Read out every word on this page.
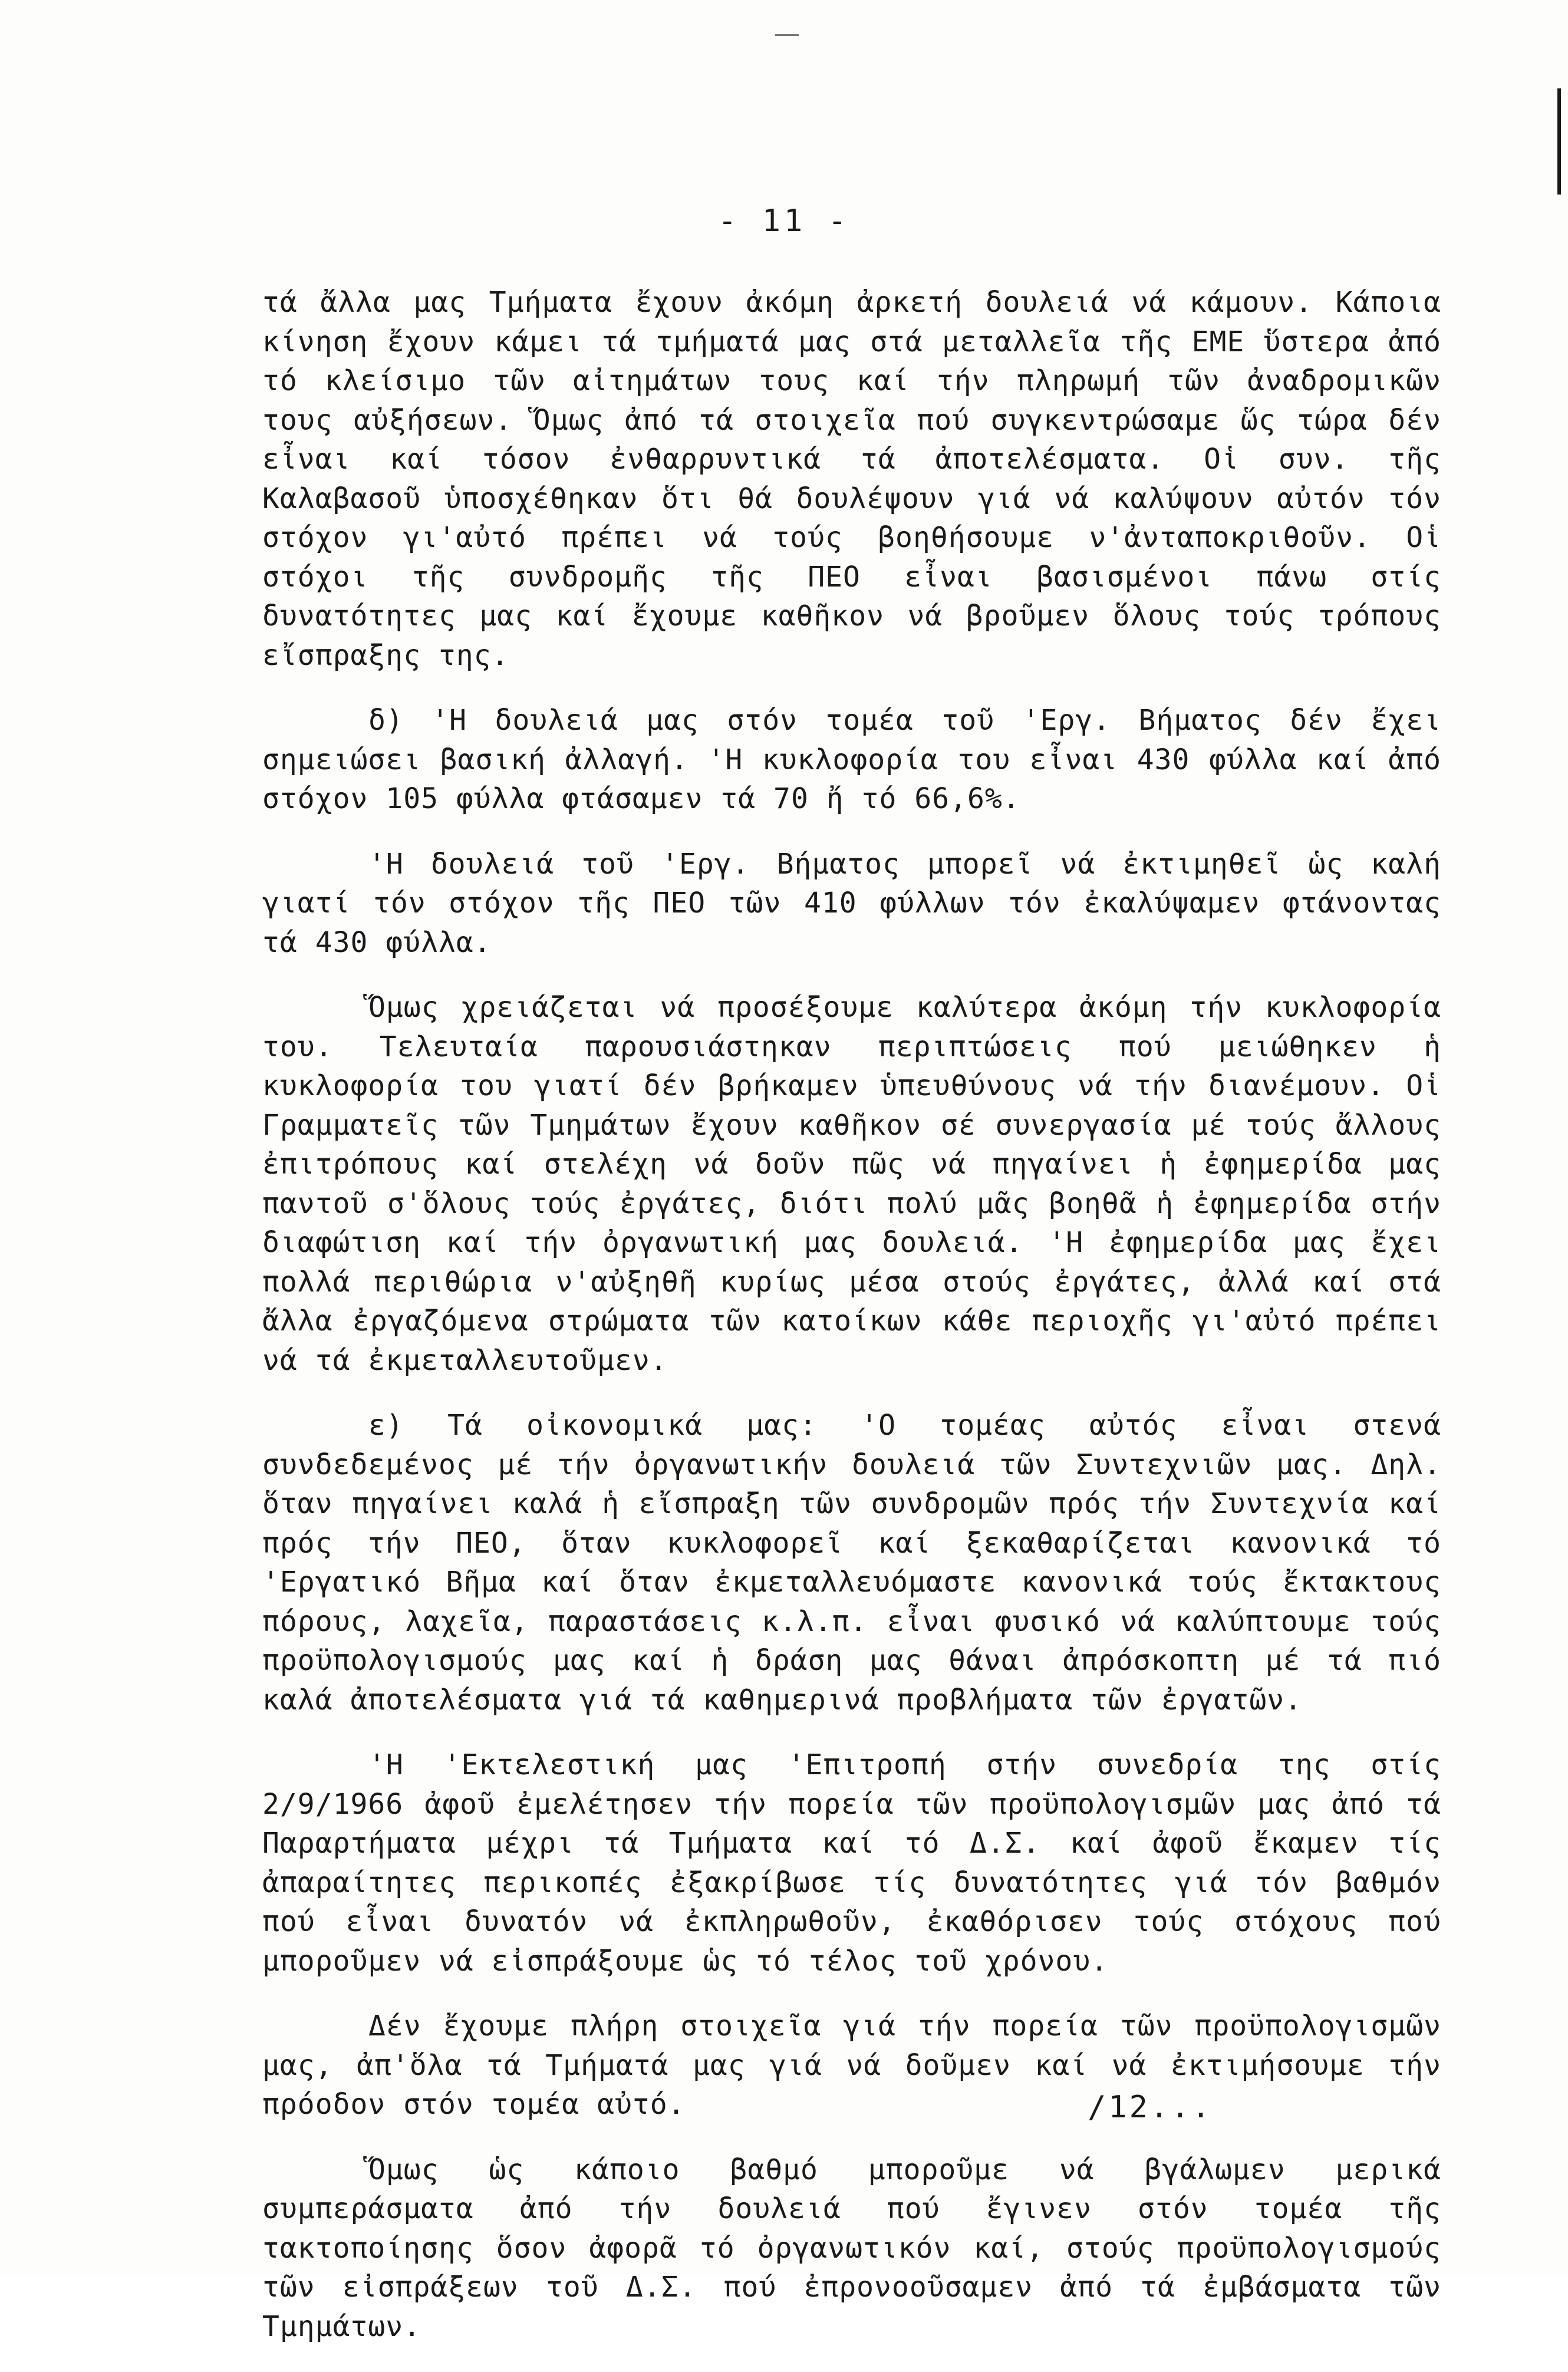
- 11 -

τά ἄλλα μας Τμήματα ἔχουν ἀκόμη ἀρκετή δουλειά νά κάμουν. Κάποια κίνηση ἔχουν κάμει τά τμήματά μας στά μεταλλεῖα τῆς ΕΜΕ ὕστερα ἀπό τό κλείσιμο τῶν αἰτημάτων τους καί τήν πληρωμή τῶν ἀναδρομικῶν τους αὐξήσεων. Ὅμως ἀπό τά στοιχεῖα πού συγκεντρώσαμε ὥς τώρα δέν εἶναι καί τόσον ἐνθαρρυντικά τά ἀποτελέσματα. Οἱ συν. τῆς Καλαβασοῦ ὑποσχέθηκαν ὅτι θά δουλέψουν γιά νά καλύψουν αὐτόν τόν στόχον γι'αὐτό πρέπει νά τούς βοηθήσουμε ν'ἀνταποκριθοῦν. Οἱ στόχοι τῆς συνδρομῆς τῆς ΠΕΟ εἶναι βασισμένοι πάνω στίς δυνατότητες μας καί ἔχουμε καθῆκον νά βροῦμεν ὅλους τούς τρόπους εἴσπραξης της.

δ) 'Η δουλειά μας στόν τομέα τοῦ 'Εργ. Βήματος δέν ἔχει σημειώσει βασική ἀλλαγή. 'Η κυκλοφορία του εἶναι 430 φύλλα καί ἀπό στόχον 105 φύλλα φτάσαμεν τά 70 ἤ τό 66,6%.

'Η δουλειά τοῦ 'Εργ. Βήματος μπορεῖ νά ἐκτιμηθεῖ ὡς καλή γιατί τόν στόχον τῆς ΠΕΟ τῶν 410 φύλλων τόν ἐκαλύψαμεν φτάνοντας τά 430 φύλλα.

Ὅμως χρειάζεται νά προσέξουμε καλύτερα ἀκόμη τήν κυκλοφορία του. Τελευταία παρουσιάστηκαν περιπτώσεις πού μειώθηκεν ἡ κυκλοφορία του γιατί δέν βρήκαμεν ὑπευθύνους νά τήν διανέμουν. Οἱ Γραμματεῖς τῶν Τμημάτων ἔχουν καθῆκον σέ συνεργασία μέ τούς ἄλλους ἐπιτρόπους καί στελέχη νά δοῦν πῶς νά πηγαίνει ἡ ἐφημερίδα μας παντοῦ σ'ὅλους τούς ἐργάτες, διότι πολύ μᾶς βοηθᾶ ἡ ἐφημερίδα στήν διαφώτιση καί τήν ὀργανωτική μας δουλειά. 'Η ἐφημερίδα μας ἔχει πολλά περιθώρια ν'αὐξηθῆ κυρίως μέσα στούς ἐργάτες, ἀλλά καί στά ἄλλα ἐργαζόμενα στρώματα τῶν κατοίκων κάθε περιοχῆς γι'αὐτό πρέπει νά τά ἐκμεταλλευτοῦμεν.

ε) Τά οἰκονομικά μας: 'Ο τομέας αὐτός εἶναι στενά συνδεδεμένος μέ τήν ὀργανωτικήν δουλειά τῶν Συντεχνιῶν μας. Δηλ. ὅταν πηγαίνει καλά ἡ εἴσπραξη τῶν συνδρομῶν πρός τήν Συντεχνία καί πρός τήν ΠΕΟ, ὅταν κυκλοφορεῖ καί ξεκαθαρίζεται κανονικά τό 'Εργατικό Βῆμα καί ὅταν ἐκμεταλλευόμαστε κανονικά τούς ἔκτακτους πόρους, λαχεῖα, παραστάσεις κ.λ.π. εἶναι φυσικό νά καλύπτουμε τούς προϋπολογισμούς μας καί ἡ δράση μας θάναι ἀπρόσκοπτη μέ τά πιό καλά ἀποτελέσματα γιά τά καθημερινά προβλήματα τῶν ἐργατῶν.

'Η 'Εκτελεστική μας 'Επιτροπή στήν συνεδρία της στίς 2/9/1966 ἀφοῦ ἐμελέτησεν τήν πορεία τῶν προϋπολογισμῶν μας ἀπό τά Παραρτήματα μέχρι τά Τμήματα καί τό Δ.Σ. καί ἀφοῦ ἔκαμεν τίς ἀπαραίτητες περικοπές ἐξακρίβωσε τίς δυνατότητες γιά τόν βαθμόν πού εἶναι δυνατόν νά ἐκπληρωθοῦν, ἐκαθόρισεν τούς στόχους πού μποροῦμεν νά εἰσπράξουμε ὡς τό τέλος τοῦ χρόνου.

Δέν ἔχουμε πλήρη στοιχεῖα γιά τήν πορεία τῶν προϋπολογισμῶν μας, ἀπ'ὅλα τά Τμήματά μας γιά νά δοῦμεν καί νά ἐκτιμήσουμε τήν πρόοδον στόν τομέα αὐτό.

Ὅμως ὡς κάποιο βαθμό μποροῦμε νά βγάλωμεν μερικά συμπεράσματα ἀπό τήν δουλειά πού ἔγινεν στόν τομέα τῆς τακτοποίησης ὅσον ἀφορᾶ τό ὀργανωτικόν καί, στούς προϋπολογισμούς τῶν εἰσπράξεων τοῦ Δ.Σ. πού ἐπρονοοῦσαμεν ἀπό τά ἐμβάσματα τῶν Τμημάτων.

/12...
